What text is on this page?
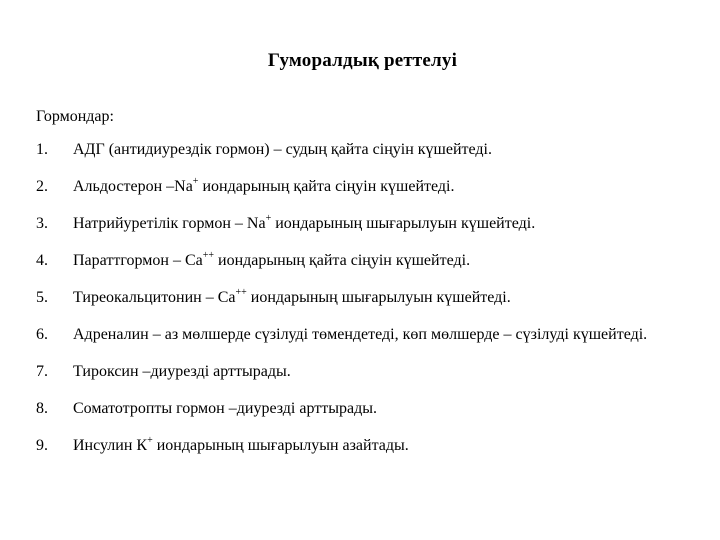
Гуморалдық реттелуі
Гормондар:
1.	АДГ (антидиурездік гормон) – судың қайта сіңуін күшейтеді.
2.	Альдостерон –Na+ иондарының қайта сіңуін күшейтеді.
3.	Натрийуретілік гормон – Na+ иондарының шығарылуын күшейтеді.
4.	Параттгормон – Са++ иондарының қайта сіңуін күшейтеді.
5.	Тиреокальцитонин – Са++ иондарының шығарылуын күшейтеді.
6.	Адреналин – аз мөлшерде сүзілуді төмендетеді, көп мөлшерде – сүзілуді күшейтеді.
7.	Тироксин –диурезді арттырады.
8.	Соматотропты гормон –диурезді арттырады.
9.	Инсулин К+ иондарының шығарылуын азайтады.
